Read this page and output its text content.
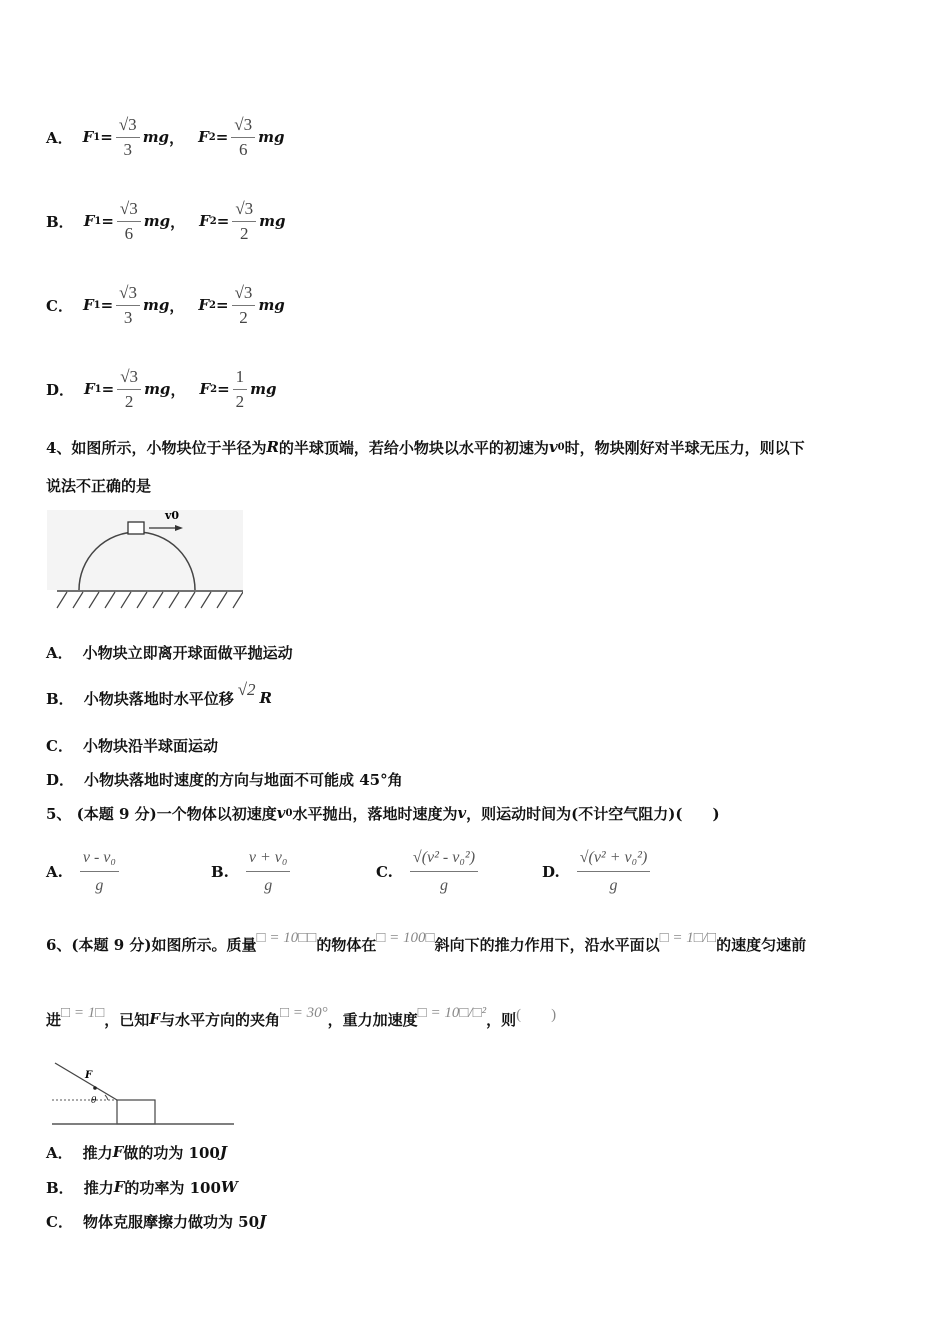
A． F $1 = \frac{√3}{3}$ mg ， F $2 = \frac{√3}{6}$ mg
B． F $1 = \frac{√3}{6}$ mg ， F $2 = \frac{√3}{2}$ mg
C． F $1 = \frac{√3}{3}$ mg ， F $2 = \frac{√3}{2}$ mg
D． F $1 = \frac{√3}{2}$ mg ， F $2 = \frac{1}{2}$ mg
4、如图所示，小物块位于半径为 R 的半球顶端，若给小物块以水平的初速为 v 0 时，物块刚好对半球无压力，则以下
说法不正确的是
v0
A． 小物块立即离开球面做平抛运动
B． 小物块落地时水平位移 √2 R
C． 小物块沿半球面运动
D． 小物块落地时速度的方向与地面不可能成 45°角
5、 (本题 9 分)一个物体以初速度 v 0 水平抛出，落地时速度为 v ，则运动时间为(不计空气阻力)(　　)
A. $\frac{\text{v - v₀}}{g}$	B. $\frac{\text{v + v₀}}{g}$	C. $\frac{\text{√(v² - v₀²)}}{g}$	D. $\frac{\text{√(v² + v₀²)}}{g}$
6、(本题 9 分)如图所示。质量 □ = 10□□ 的物体在 □ = 100□ 斜向下的推力作用下，沿水平面以 □ = 1□/□ 的速度匀速前
进 □ = 1□ ，已知 F 与水平方向的夹角 □ = 30° ，重力加速度 □ = 10□/□² ，则 (　　)
F
θ
A． 推力 F 做的功为 100 J
B． 推力 F 的功率为 100 W
C． 物体克服摩擦力做功为 50 J
